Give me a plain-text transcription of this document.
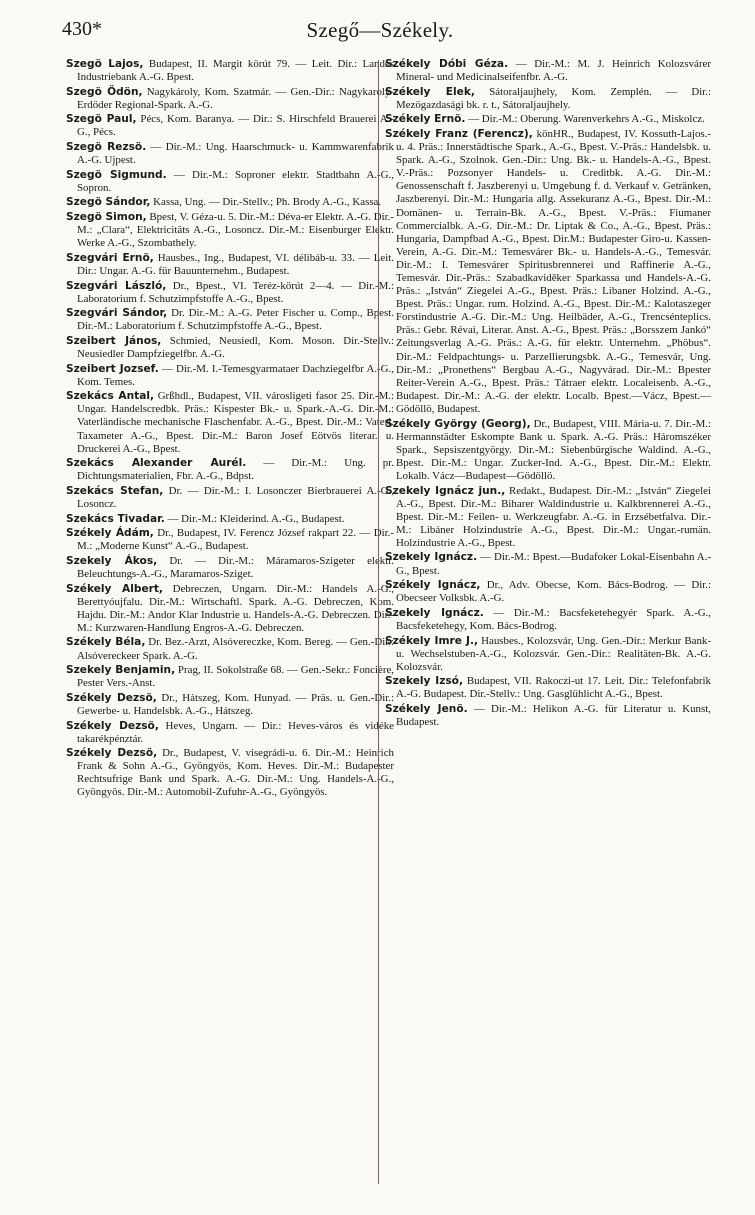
430*	Szegő—Székely.
Szegö Lajos, Budapest, II. Margit körút 79. — Leit. Dir.: Landes Industriebank A.-G. Bpest.
Szegö Ödön, Nagykároly, Kom. Szatmár. — Gen.-Dir.: Nagykaroly-Erdöder Regional-Spark. A.-G.
Szegö Paul, Pécs, Kom. Baranya. — Dir.: S. Hirschfeld Brauerei A.-G., Pécs.
Szegö Rezsö. — Dir.-M.: Ung. Haarschmuck- u. Kammwarenfabrik A.-G. Ujpest.
Szegö Sigmund. — Dir.-M.: Soproner elektr. Stadtbahn A.-G., Sopron.
Szegö Sándor, Kassa, Ung. — Dir.-Stellv.; Ph. Brody A.-G., Kassa.
Szegö Simon, Bpest, V. Géza-u. 5. Dir.-M.: Déva-er Elektr. A.-G. Dir.-M.: „Clara“, Elektricitäts A.-G., Losoncz. Dir.-M.: Eisenburger Elektr. Werke A.-G., Szombathely.
Szegvári Ernö, Hausbes., Ing., Budapest, VI. délibáb-u. 33. — Leit. Dir.: Ungar. A.-G. für Bauunternehm., Budapest.
Szegvári László, Dr., Bpest., VI. Teréz-körút 2—4. — Dir.-M.: Laboratorium f. Schutzimpfstoffe A.-G., Bpest.
Szegvári Sándor, Dr. Dir.-M.: A.-G. Peter Fischer u. Comp., Bpest. Dir.-M.: Laboratorium f. Schutzimpfstoffe A.-G., Bpest.
Szeibert János, Schmied, Neusiedl, Kom. Moson. Dir.-Stellv.: Neusiedler Dampfziegelfbr. A.-G.
Szeibert Jozsef. — Dir.-M. I.-Temesgyarmataer Dachziegelfbr A.-G., Kom. Temes.
Szekács Antal, Grßhdl., Budapest, VII. városligeti fasor 25. Dir.-M.: Ungar. Handelscredbk. Präs.: Kispester Bk.- u. Spark.-A.-G. Dir.-M.: Vaterländische mechanische Flaschenfabr. A.-G., Bpest. Dir.-M.: Vaterl. Taxameter A.-G., Bpest. Dir.-M.: Baron Josef Eötvös literar. u. Druckerei A.-G., Bpest.
Szekács Alexander Aurél. — Dir.-M.: Ung. pr. Dichtungsmaterialien, Fbr. A.-G., Bdpst.
Szekács Stefan, Dr. — Dir.-M.: I. Losonczer Bierbrauerei A.-G., Losoncz.
Szekács Tivadar. — Dir.-M.: Kleiderind. A.-G., Budapest.
Székely Ádám, Dr., Budapest, IV. Ferencz József rakpart 22. — Dir.-M.: „Moderne Kunst“ A.-G., Budapest.
Szekely Ákos, Dr. — Dir.-M.: Máramaros-Szigeter elektr. Beleuchtungs-A.-G., Maramaros-Sziget.
Székely Albert, Debreczen, Ungarn. Dir.-M.: Handels A.-G., Berettyóujfalu. Dir.-M.: Wirtschaftl. Spark. A.-G. Debreczen, Kom. Hajdu. Dir.-M.: Andor Klar Industrie u. Handels-A.-G. Debreczen. Dir.-M.: Kurzwaren-Handlung Engros-A.-G. Debreczen.
Székely Béla, Dr. Bez.-Arzt, Alsóvereczke, Kom. Bereg. — Gen.-Dir.: Alsóvereckeer Spark. A.-G.
Szekely Benjamin, Prag, II. Sokolstraße 68. — Gen.-Sekr.: Foncière, Pester Vers.-Anst.
Székely Dezsö, Dr., Hátszeg, Kom. Hunyad. — Präs. u. Gen.-Dir.: Gewerbe- u. Handelsbk. A.-G., Hátszeg.
Székely Dezsö, Heves, Ungarn. — Dir.: Heves-város és vidéke takarékpénztár.
Székely Dezsö, Dr., Budapest, V. visegrádi-u. 6. Dir.-M.: Heinrich Frank & Sohn A.-G., Gyöngyös, Kom. Heves. Dir.-M.: Budapester Rechtsufrige Bank und Spark. A.-G. Dir.-M.: Ung. Handels-A.-G., Gyöngyös. Dir.-M.: Automobil-Zufuhr-A.-G., Gyöngyös.
Székely Dóbi Géza. — Dir.-M.: M. J. Heinrich Kolozsvárer Mineral- und Medicinalseifenfbr. A.-G.
Székely Elek, Sátoraljaujhely, Kom. Zemplén. — Dir.: Mezögazdasági bk. r. t., Sátoraljaujhely.
Székely Ernö. — Dir.-M.: Oberung. Warenverkehrs A.-G., Miskolcz.
Székely Franz (Ferencz), könHR., Budapest, IV. Kossuth-Lajos.-u. 4. Präs.: Innerstädtische Spark., A.-G., Bpest. V.-Präs.: Handelsbk. u. Spark. A.-G., Szolnok. Gen.-Dir.: Ung. Bk.- u. Handels-A.-G., Bpest. V.-Präs.: Pozsonyer Handels- u. Creditbk. A.-G. Dir.-M.: Genossenschaft f. Jaszberenyi u. Umgebung f. d. Verkauf v. Getränken, Jaszberenyi. Dir.-M.: Hungaria allg. Assekuranz A.-G., Bpest. Dir.-M.: Domänen- u. Terrain-Bk. A.-G., Bpest. V.-Präs.: Fiumaner Commercialbk. A.-G. Dir.-M.: Dr. Liptak & Co., A.-G., Bpest. Präs.: Hungaria, Dampfbad A.-G., Bpest. Dir.M.: Budapester Giro-u. Kassen-Verein, A.-G. Dir.-M.: Temesvárer Bk.- u. Handels-A.-G., Temesvár. Dir.-M.: I. Temesvárer Spiritusbrennerei und Raffinerie A.-G., Temesvár. Dir.-Präs.: Szabadkaviděker Sparkassa und Handels-A.-G. Präs.: „István“ Ziegelei A.-G., Bpest. Präs.: Libaner Holzind. A.-G., Bpest. Präs.: Ungar. rum. Holzind. A.-G., Bpest. Dir.-M.: Kalotaszeger Forstindustrie A.-G. Dir.-M.: Ung. Heilbäder, A.-G., Trencsénteplics. Präs.: Gebr. Révai, Literar. Anst. A.-G., Bpest. Präs.: „Borsszem Jankó“ Zeitungsverlag A.-G. Präs.: A.-G. für elektr. Unternehm. „Phöbus“. Dir.-M.: Feldpachtungs- u. Parzellierungsbk. A.-G., Temesvár, Ung. Dir.-M.: „Pronethens“ Bergbau A.-G., Nagyvárad. Dir.-M.: Bpester Reiter-Verein A.-G., Bpest. Präs.: Tátraer elektr. Localeisenb. A.-G., Budapest. Dir.-M.: A.-G. der elektr. Localb. Bpest.—Vácz, Bpest.—Gödöllö, Budapest.
Székely György (Georg), Dr., Budapest, VIII. Mária-u. 7. Dir.-M.: Hermannstädter Eskompte Bank u. Spark. A.-G. Präs.: Háromszéker Spark., Sepsiszentgyörgy. Dir.-M.: Siebenbürgische Waldind. A.-G., Bpest. Dir.-M.: Ungar. Zucker-Ind. A.-G., Bpest. Dir.-M.: Elektr. Lokalb. Vácz—Budapest—Gödöllö.
Szekely Ignácz jun., Redakt., Budapest. Dir.-M.: „István“ Ziegelei A.-G., Bpest. Dir.-M.: Biharer Waldindustrie u. Kalkbrennerei A.-G., Bpest. Dir.-M.: Feilen- u. Werkzeugfabr. A.-G. in Erzsébetfalva. Dir.-M.: Libáner Holzindustrie A.-G., Bpest. Dir.-M.: Ungar.-rumän. Holzindustrie A.-G., Bpest.
Szekely Ignácz. — Dir.-M.: Bpest.—Budafoker Lokal-Eisenbahn A.-G., Bpest.
Székely Ignácz, Dr., Adv. Obecse, Kom. Bács-Bodrog. — Dir.: Obecseer Volksbk. A.-G.
Szekely Ignácz. — Dir.-M.: Bacsfeketehegyér Spark. A.-G., Bacsfeketehegy, Kom. Bács-Bodrog.
Székely Imre J., Hausbes., Kolozsvár, Ung. Gen.-Dir.: Merkur Bank- u. Wechselstuben-A.-G., Kolozsvár. Gen.-Dir.: Realitäten-Bk. A.-G. Kolozsvár.
Szekely Izsó, Budapest, VII. Rakoczi-ut 17. Leit. Dir.: Telefonfabrik A.-G. Budapest. Dir.-Stellv.: Ung. Gasglühlicht A.-G., Bpest.
Székely Jenö. — Dir.-M.: Helikon A.-G. für Literatur u. Kunst, Budapest.
